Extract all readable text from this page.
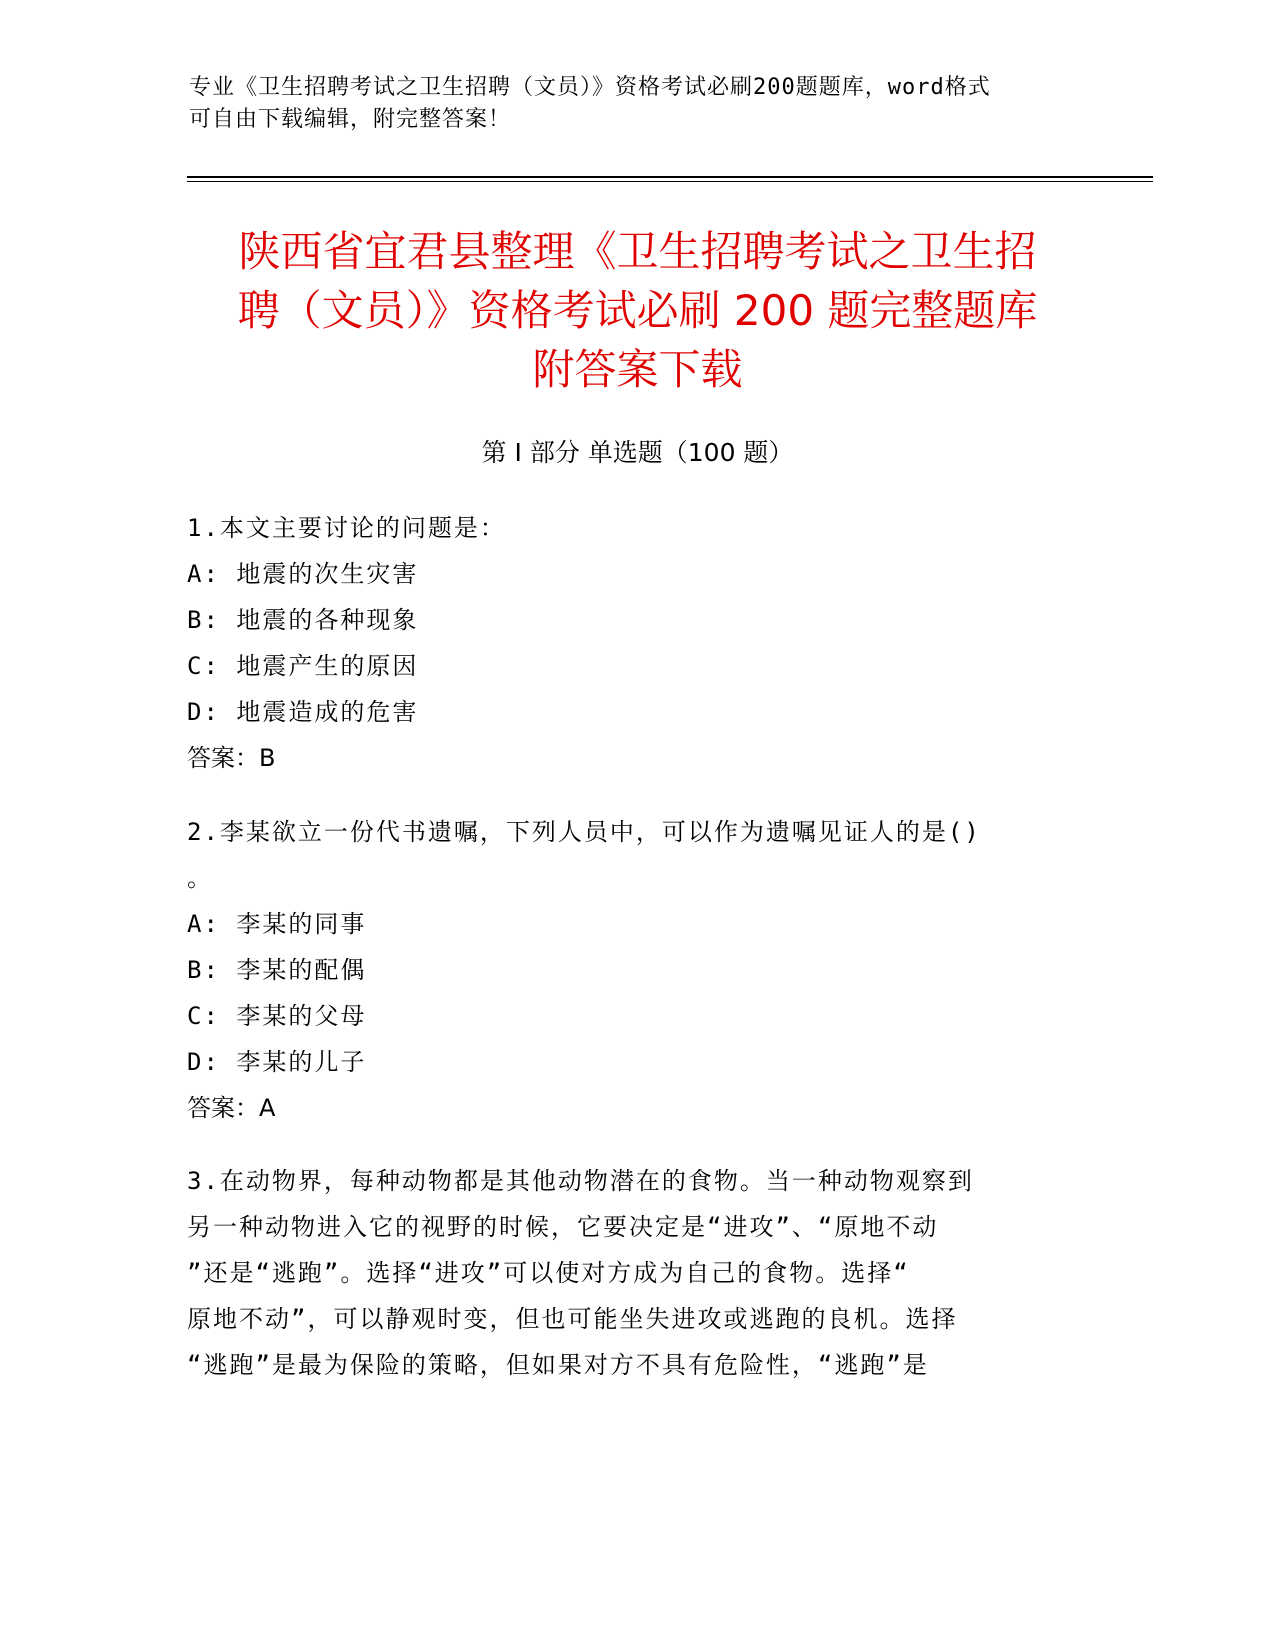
专业《卫生招聘考试之卫生招聘（文员）》资格考试必刷200题题库，word格式
可自由下载编辑，附完整答案！
陕西省宜君县整理《卫生招聘考试之卫生招
聘（文员）》资格考试必刷 200 题完整题库
附答案下载
第 I 部分 单选题（100 题）
1.本文主要讨论的问题是：
A: 地震的次生灾害
B: 地震的各种现象
C: 地震产生的原因
D: 地震造成的危害
答案：B
2.李某欲立一份代书遗嘱，下列人员中，可以作为遗嘱见证人的是()
。
A: 李某的同事
B: 李某的配偶
C: 李某的父母
D: 李某的儿子
答案：A
3.在动物界，每种动物都是其他动物潜在的食物。当一种动物观察到
另一种动物进入它的视野的时候，它要决定是“进攻”、“原地不动
”还是“逃跑”。选择“进攻”可以使对方成为自己的食物。选择“
原地不动”，可以静观时变，但也可能坐失进攻或逃跑的良机。选择
“逃跑”是最为保险的策略，但如果对方不具有危险性，“逃跑”是
